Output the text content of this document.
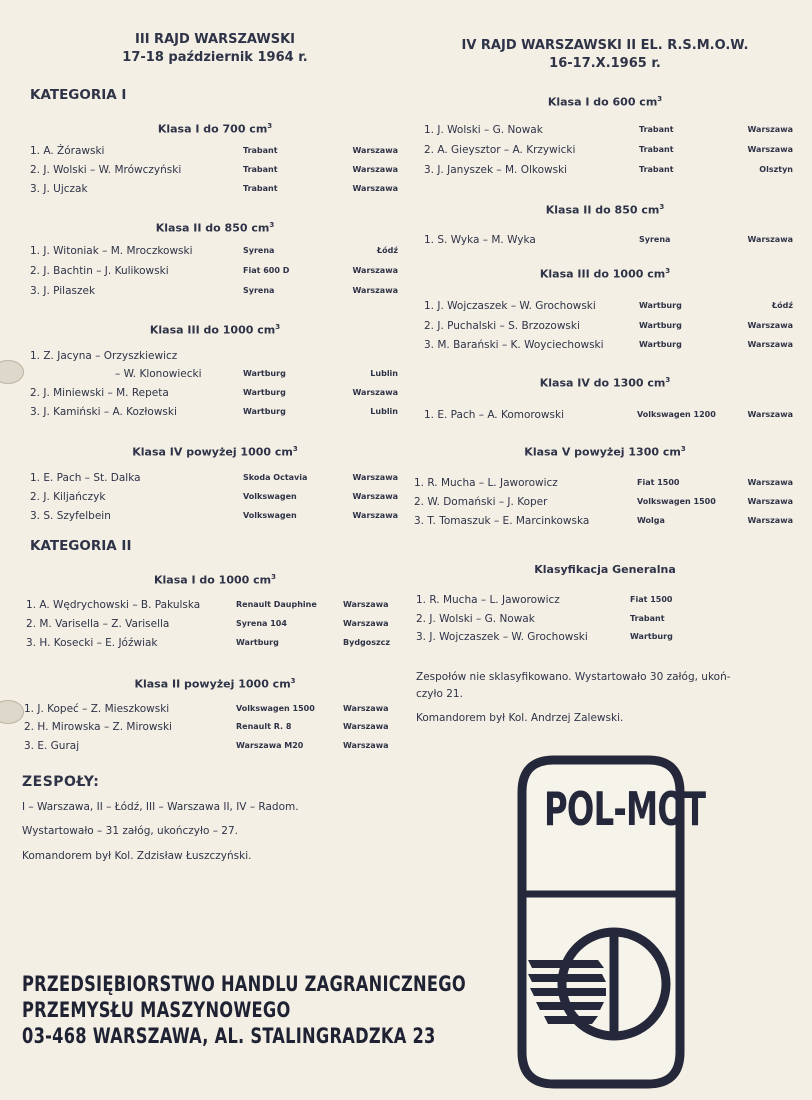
III RAJD WARSZAWSKI
17-18 październik 1964 r.
KATEGORIA I
Klasa I do 700 $cm^3$
1. A. Żórawski	Trabant	Warszawa
2. J. Wolski – W. Mrówczyński	Trabant	Warszawa
3. J. Ujczak	Trabant	Warszawa
Klasa II do 850 $cm^3$
1. J. Witoniak – M. Mroczkowski	Syrena	Łódź
2. J. Bachtin – J. Kulikowski	Fiat 600 D	Warszawa
3. J. Pilaszek	Syrena	Warszawa
Klasa III do 1000 $cm^3$
1. Z. Jacyna – Orzyszkiewicz
– W. Klonowiecki	Wartburg	Lublin
2. J. Miniewski – M. Repeta	Wartburg	Warszawa
3. J. Kamiński – A. Kozłowski	Wartburg	Lublin
Klasa IV powyżej 1000 $cm^3$
1. E. Pach – St. Dalka	Skoda Octavia	Warszawa
2. J. Kiljańczyk	Volkswagen	Warszawa
3. S. Szyfelbein	Volkswagen	Warszawa
KATEGORIA II
Klasa I do 1000 $cm^3$
1. A. Wędrychowski – B. Pakulska	Renault Dauphine	Warszawa
2. M. Varisella – Z. Varisella	Syrena 104	Warszawa
3. H. Kosecki – E. Jóźwiak	Wartburg	Bydgoszcz
Klasa II powyżej 1000 $cm^3$
1. J. Kopeć – Z. Mieszkowski	Volkswagen 1500	Warszawa
2. H. Mirowska – Z. Mirowski	Renault R. 8	Warszawa
3. E. Guraj	Warszawa M20	Warszawa
ZESPOŁY:
I – Warszawa, II – Łódź, III – Warszawa II, IV – Radom.
Wystartowało – 31 załóg, ukończyło – 27.
Komandorem był Kol. Zdzisław Łuszczyński.
IV RAJD WARSZAWSKI II EL. R.S.M.O.W.
16-17.X.1965 r.
Klasa I do 600 $cm^3$
1. J. Wolski – G. Nowak	Trabant	Warszawa
2. A. Gieysztor – A. Krzywicki	Trabant	Warszawa
3. J. Janyszek – M. Olkowski	Trabant	Olsztyn
Klasa II do 850 $cm^3$
1. S. Wyka – M. Wyka	Syrena	Warszawa
Klasa III do 1000 $cm^3$
1. J. Wojczaszek – W. Grochowski	Wartburg	Łódź
2. J. Puchalski – S. Brzozowski	Wartburg	Warszawa
3. M. Barański – K. Woyciechowski	Wartburg	Warszawa
Klasa IV do 1300 $cm^3$
1. E. Pach – A. Komorowski	Volkswagen 1200	Warszawa
Klasa V powyżej 1300 $cm^3$
1. R. Mucha – L. Jaworowicz	Fiat 1500	Warszawa
2. W. Domański – J. Koper	Volkswagen 1500	Warszawa
3. T. Tomaszuk – E. Marcinkowska	Wolga	Warszawa
Klasyfikacja Generalna
1. R. Mucha – L. Jaworowicz	Fiat 1500
2. J. Wolski – G. Nowak	Trabant
3. J. Wojczaszek – W. Grochowski	Wartburg
Zespołów nie sklasyfikowano. Wystartowało 30 załóg, ukoń-
czyło 21.
Komandorem był Kol. Andrzej Zalewski.
PRZEDSIĘBIORSTWO HANDLU ZAGRANICZNEGO
PRZEMYSŁU MASZYNOWEGO
03-468 WARSZAWA, AL. STALINGRADZKA 23
POL-MOT
